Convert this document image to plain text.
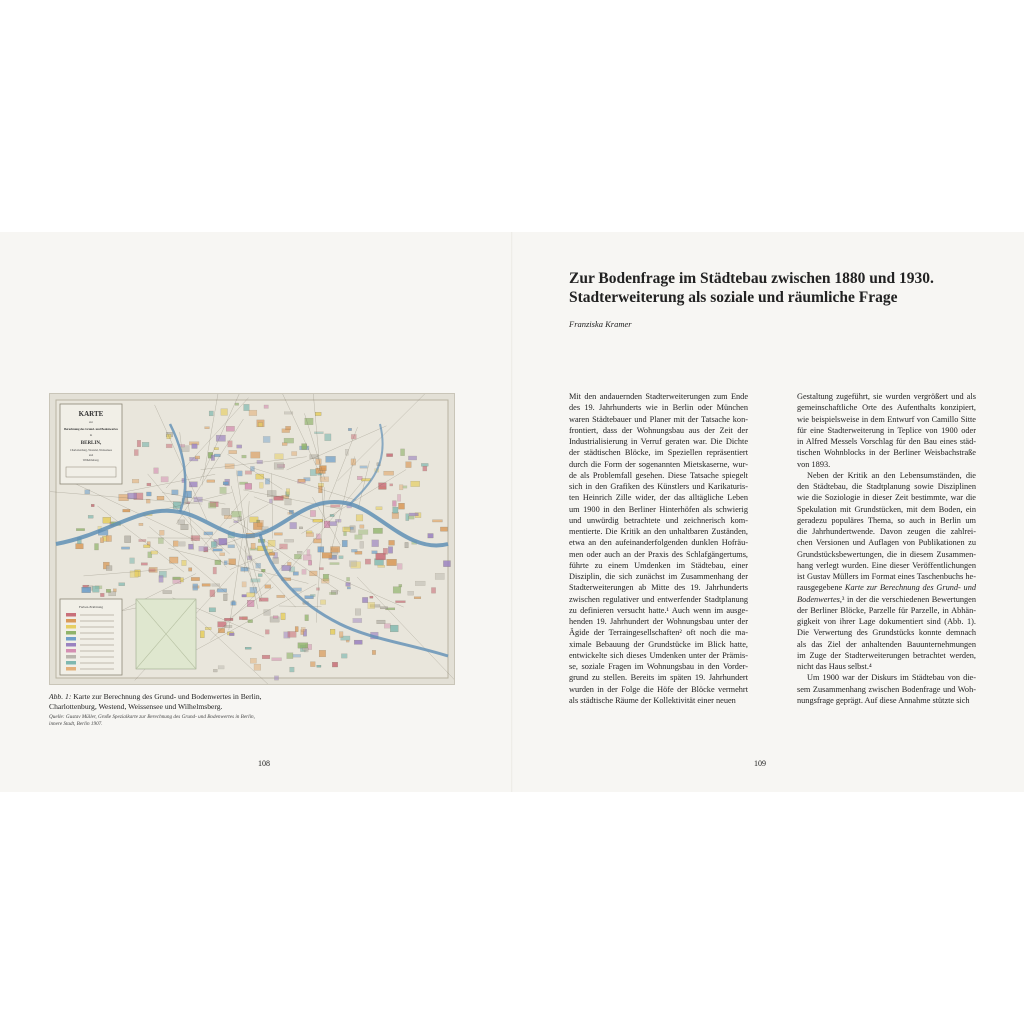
KARTE
zur
Berechnung des Grund- und Bodenwertes
in
BERLIN,
Charlottenburg, Westend, Weissensee
und
Wilhelmsberg.
Farben-Erklärung
Abb. 1: Karte zur Berechnung des Grund- und Bodenwertes in Berlin, Charlottenburg, Westend, Weissensee und Wilhelmsberg.
Quelle: Gustav Müller, Große Spezialkarte zur Berechnung des Grund- und Bodenwertes in Berlin, innere Stadt, Berlin 1907.
108
Zur Bodenfrage im Städtebau zwischen 1880 und 1930.
Stadterweiterung als soziale und räumliche Frage
Franziska Kramer
Mit den andauernden Stadterweiterungen zum Ende
des 19. Jahrhunderts wie in Berlin oder München
waren Städtebauer und Planer mit der Tatsache kon-
frontiert, dass der Wohnungsbau aus der Zeit der
Industrialisierung in Verruf geraten war. Die Dichte
der städtischen Blöcke, im Speziellen repräsentiert
durch die Form der sogenannten Mietskaserne, wur-
de als Problemfall gesehen. Diese Tatsache spiegelt
sich in den Grafiken des Künstlers und Karikaturis-
ten Heinrich Zille wider, der das alltägliche Leben
um 1900 in den Berliner Hinterhöfen als schwierig
und unwürdig betrachtete und zeichnerisch kom-
mentierte. Die Kritik an den unhaltbaren Zuständen,
etwa an den aufeinanderfolgenden dunklen Hofräu-
men oder auch an der Praxis des Schlafgängertums,
führte zu einem Umdenken im Städtebau, einer
Disziplin, die sich zunächst im Zusammenhang der
Stadterweiterungen ab Mitte des 19. Jahrhunderts
zwischen regulativer und entwerfender Stadtplanung
zu definieren versucht hatte.¹ Auch wenn im ausge-
henden 19. Jahrhundert der Wohnungsbau unter der
Ägide der Terraingesellschaften² oft noch die ma-
ximale Bebauung der Grundstücke im Blick hatte,
entwickelte sich dieses Umdenken unter der Prämis-
se, soziale Fragen im Wohnungsbau in den Vorder-
grund zu stellen. Bereits im späten 19. Jahrhundert
wurden in der Folge die Höfe der Blöcke vermehrt
als städtische Räume der Kollektivität einer neuen
Gestaltung zugeführt, sie wurden vergrößert und als
gemeinschaftliche Orte des Aufenthalts konzipiert,
wie beispielsweise in dem Entwurf von Camillo Sitte
für eine Stadterweiterung in Teplice von 1900 oder
in Alfred Messels Vorschlag für den Bau eines städ-
tischen Wohnblocks in der Berliner Weisbachstraße
von 1893.
Neben der Kritik an den Lebensumständen, die
den Städtebau, die Stadtplanung sowie Disziplinen
wie die Soziologie in dieser Zeit bestimmte, war die
Spekulation mit Grundstücken, mit dem Boden, ein
geradezu populäres Thema, so auch in Berlin um
die Jahrhundertwende. Davon zeugen die zahlrei-
chen Versionen und Auflagen von Publikationen zu
Grundstücksbewertungen, die in diesem Zusammen-
hang verlegt wurden. Eine dieser Veröffentlichungen
ist Gustav Müllers im Format eines Taschenbuchs he-
rausgegebene Karte zur Berechnung des Grund- und
Bodenwertes,³ in der die verschiedenen Bewertungen
der Berliner Blöcke, Parzelle für Parzelle, in Abhän-
gigkeit von ihrer Lage dokumentiert sind (Abb. 1).
Die Verwertung des Grundstücks konnte demnach
als das Ziel der anhaltenden Bauunternehmungen
im Zuge der Stadterweiterungen betrachtet werden,
nicht das Haus selbst.⁴
Um 1900 war der Diskurs im Städtebau von die-
sem Zusammenhang zwischen Bodenfrage und Woh-
nungsfrage geprägt. Auf diese Annahme stützte sich
109
